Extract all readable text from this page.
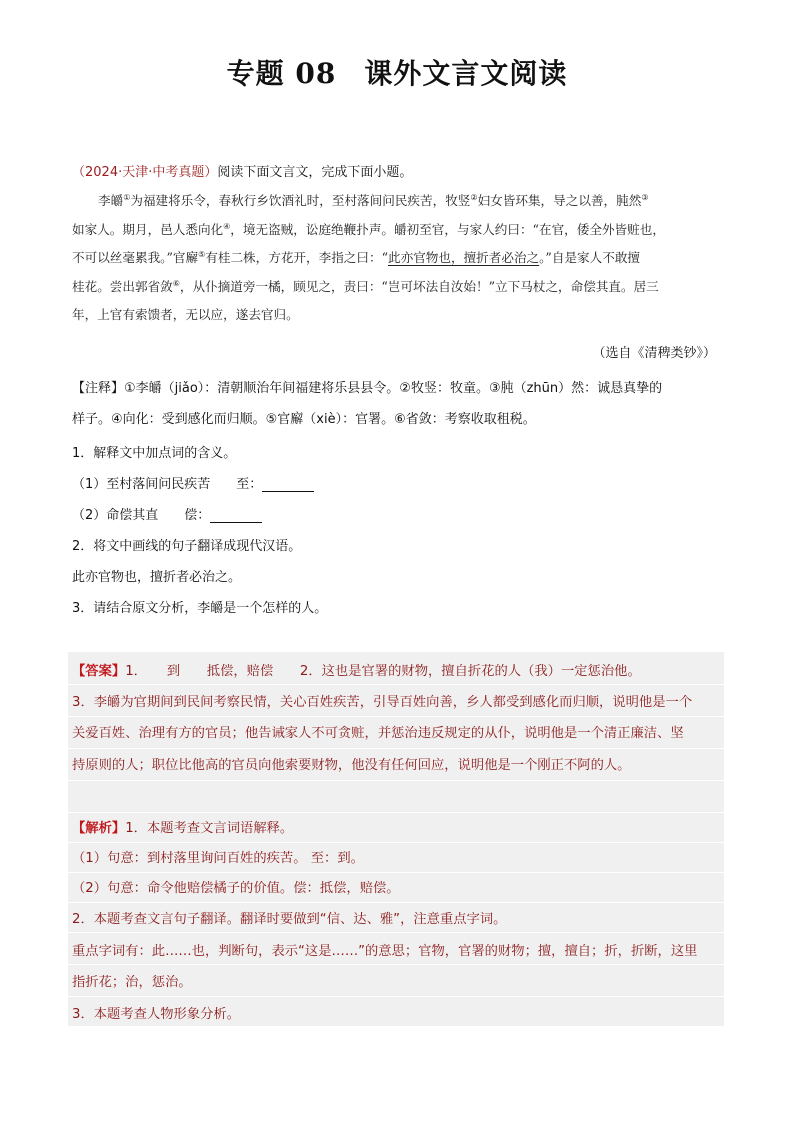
专题 08 课外文言文阅读
（2024·天津·中考真题）阅读下面文言文，完成下面小题。
李皭①为福建将乐令，春秋行乡饮酒礼时，至村落间问民疾苦，牧竖②妇女皆环集，导之以善，肫然③
如家人。期月，邑人悉向化④，境无盗贼，讼庭绝鞭扑声。皭初至官，与家人约曰：“在官，倭全外皆赃也，
不可以丝毫累我。”官廨⑤有桂二株，方花开，李指之曰：“此亦官物也，擅折者必治之。”自是家人不敢擅
桂花。尝出郭省敛⑥，从仆摘道旁一橘，顾见之，责曰：“岂可坏法自汝始！”立下马杖之，命偿其直。居三
年，上官有索馈者，无以应，遂去官归。
（选自《清稗类钞》）
【注释】①李皭（jiǎo）：清朝顺治年间福建将乐县县令。②牧竖：牧童。③肫（zhūn）然：诚恳真挚的
样子。④向化：受到感化而归顺。⑤官廨（xiè）：官署。⑥省敛：考察收取租税。
1．解释文中加点词的含义。
（1）至村落间问民疾苦　　至：
（2）命偿其直　　偿：
2．将文中画线的句子翻译成现代汉语。
此亦官物也，擅折者必治之。
3．请结合原文分析，李皭是一个怎样的人。
【答案】1．　　到　　抵偿，赔偿　　2．这也是官署的财物，擅自折花的人（我）一定惩治他。
3．李皭为官期间到民间考察民情，关心百姓疾苦，引导百姓向善，乡人都受到感化而归顺，说明他是一个
关爱百姓、治理有方的官员；他告诫家人不可贪赃，并惩治违反规定的从仆，说明他是一个清正廉洁、坚
持原则的人；职位比他高的官员向他索要财物，他没有任何回应，说明他是一个刚正不阿的人。
【解析】1．本题考查文言词语解释。
（1）句意：到村落里询问百姓的疾苦。 至：到。
（2）句意：命令他赔偿橘子的价值。偿：抵偿，赔偿。
2．本题考查文言句子翻译。翻译时要做到“信、达、雅”，注意重点字词。
重点字词有：此……也，判断句，表示“这是……”的意思；官物，官署的财物；擅，擅自；折，折断，这里
指折花；治，惩治。
3．本题考查人物形象分析。
